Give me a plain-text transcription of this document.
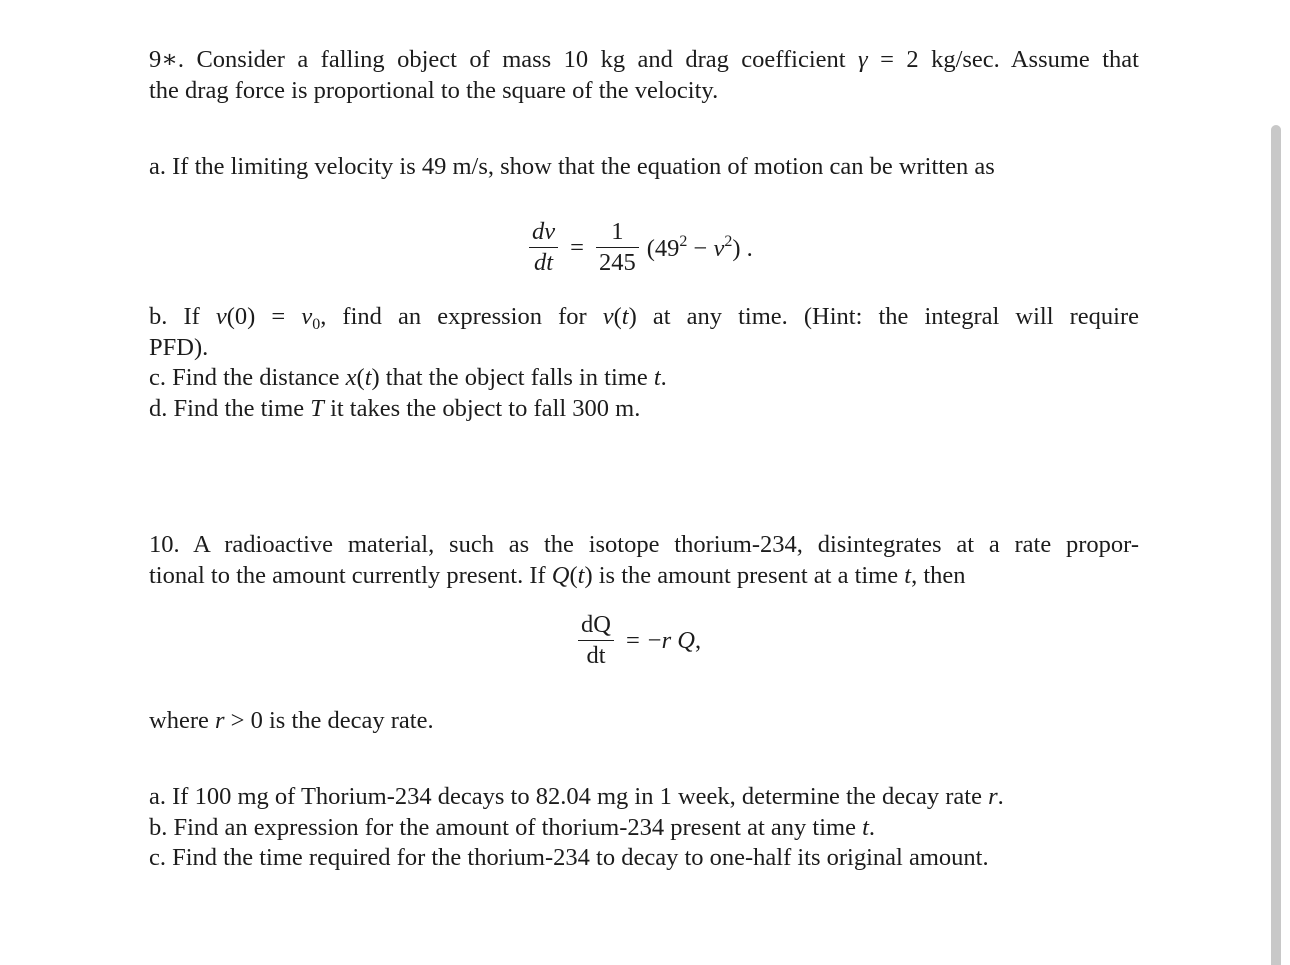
9∗. Consider a falling object of mass 10 kg and drag coefficient γ = 2 kg/sec. Assume that
the drag force is proportional to the square of the velocity.
a. If the limiting velocity is 49 m/s, show that the equation of motion can be written as
$\frac{dv}{dt} = \frac{1}{245} (49^2 - v^2)$ .
b. If $v(0) = v_0$, find an expression for v(t) at any time. (Hint: the integral will require
PFD).
c. Find the distance x(t) that the object falls in time t.
d. Find the time T it takes the object to fall 300 m.
10. A radioactive material, such as the isotope thorium-234, disintegrates at a rate propor-
tional to the amount currently present. If Q(t) is the amount present at a time t, then
$\frac{dQ}{dt} = -r$ Q,
where r > 0 is the decay rate.
a. If 100 mg of Thorium-234 decays to 82.04 mg in 1 week, determine the decay rate r.
b. Find an expression for the amount of thorium-234 present at any time t.
c. Find the time required for the thorium-234 to decay to one-half its original amount.
